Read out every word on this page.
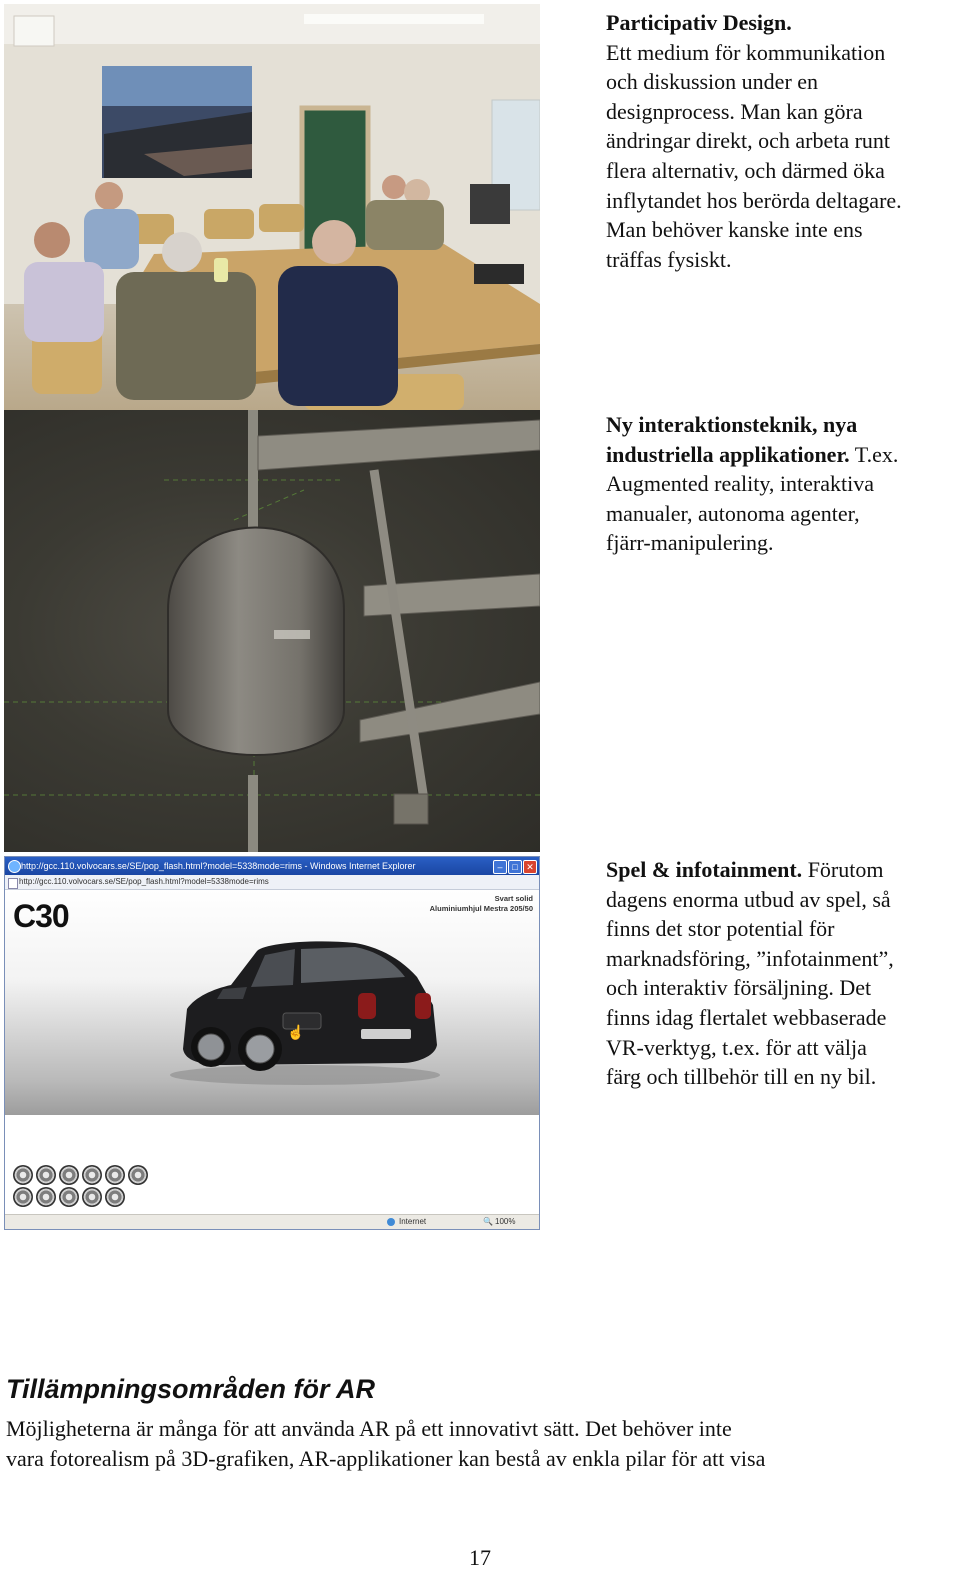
http://gcc.110.volvocars.se/SE/pop_flash.html?model=5338mode=rims - Windows Internet Explorer	–	□ ✕
http://gcc.110.volvocars.se/SE/pop_flash.html?model=5338mode=rims
C30	Svart solid
Aluminiumhjul Mestra 205/50
☝
Internet	🔍 100%
Participativ Design.
Ett medium för kommunikation
och diskussion under en
designprocess. Man kan göra
ändringar direkt, och arbeta runt
flera alternativ, och därmed öka
inflytandet hos berörda deltagare.
Man behöver kanske inte ens
träffas fysiskt.
Ny interaktionsteknik, nya
industriella applikationer. T.ex.
Augmented reality, interaktiva
manualer, autonoma agenter,
fjärr-manipulering.
Spel & infotainment. Förutom
dagens enorma utbud av spel, så
finns det stor potential för
marknadsföring, ”infotainment”,
och interaktiv försäljning. Det
finns idag flertalet webbaserade
VR-verktyg, t.ex. för att välja
färg och tillbehör till en ny bil.
Tillämpningsområden för AR
Möjligheterna är många för att använda AR på ett innovativt sätt. Det behöver inte
vara fotorealism på 3D-grafiken, AR-applikationer kan bestå av enkla pilar för att visa
17
